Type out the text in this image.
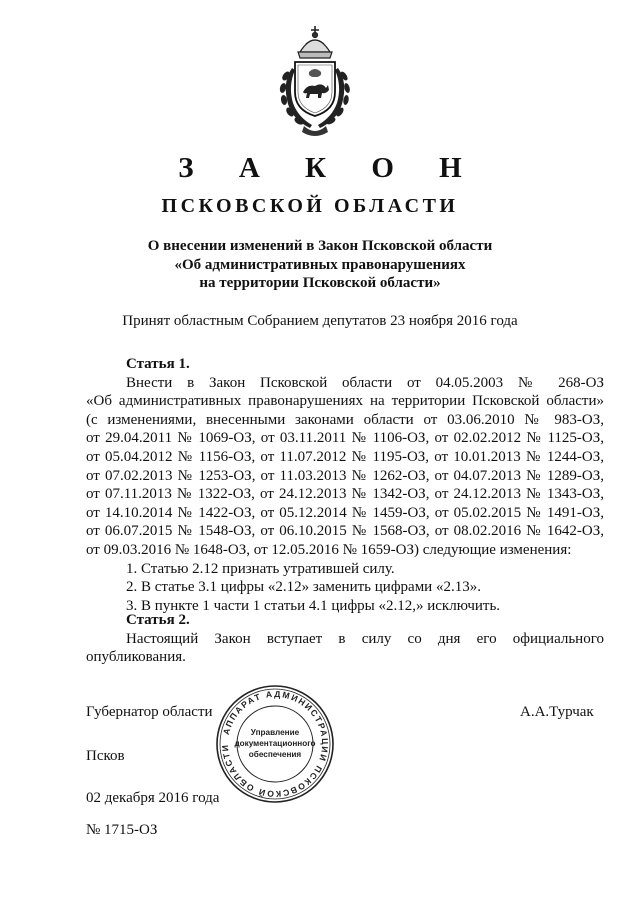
З А К О Н
ПСКОВСКОЙ ОБЛАСТИ
О внесении изменений в Закон Псковской области
«Об административных правонарушениях
на территории Псковской области»
Принят областным Собранием депутатов 23 ноября 2016 года
Статья 1.
Внести в Закон Псковской области от 04.05.2003 № 268-ОЗ
«Об административных правонарушениях на территории Псковской области»
(с изменениями, внесенными законами области от 03.06.2010 № 983-ОЗ,
от 29.04.2011 № 1069-ОЗ, от 03.11.2011 № 1106-ОЗ, от 02.02.2012 № 1125-ОЗ,
от 05.04.2012 № 1156-ОЗ, от 11.07.2012 № 1195-ОЗ, от 10.01.2013 № 1244-ОЗ,
от 07.02.2013 № 1253-ОЗ, от 11.03.2013 № 1262-ОЗ, от 04.07.2013 № 1289-ОЗ,
от 07.11.2013 № 1322-ОЗ, от 24.12.2013 № 1342-ОЗ, от 24.12.2013 № 1343-ОЗ,
от 14.10.2014 № 1422-ОЗ, от 05.12.2014 № 1459-ОЗ, от 05.02.2015 № 1491-ОЗ,
от 06.07.2015 № 1548-ОЗ, от 06.10.2015 № 1568-ОЗ, от 08.02.2016 № 1642-ОЗ,
от 09.03.2016 № 1648-ОЗ, от 12.05.2016 № 1659-ОЗ) следующие изменения:
1. Статью 2.12 признать утратившей силу.
2. В статье 3.1 цифры «2.12» заменить цифрами «2.13».
3. В пункте 1 части 1 статьи 4.1 цифры «2.12,» исключить.
Статья 2.
Настоящий Закон вступает в силу со дня его официального
опубликования.
Губернатор области	А.А.Турчак
Псков
02 декабря 2016 года
№ 1715-ОЗ
АППАРАТ АДМИНИСТРАЦИИ ПСКОВСКОЙ ОБЛАСТИ
Управление
документационного
обеспечения
